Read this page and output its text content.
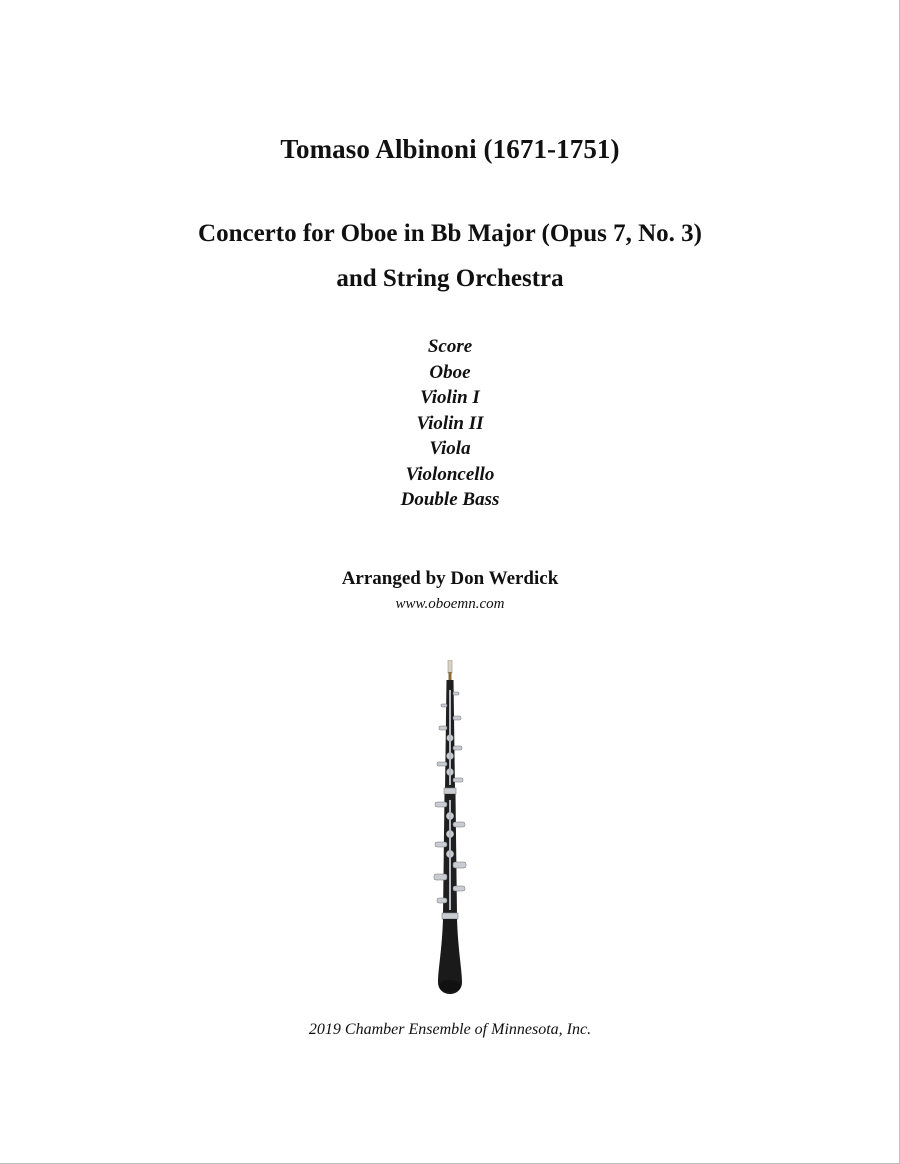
Tomaso Albinoni (1671-1751)
Concerto for Oboe in Bb Major (Opus 7, No. 3)
and String Orchestra
Score
Oboe
Violin I
Violin II
Viola
Violoncello
Double Bass
Arranged by Don Werdick
www.oboemn.com
2019 Chamber Ensemble of Minnesota, Inc.
